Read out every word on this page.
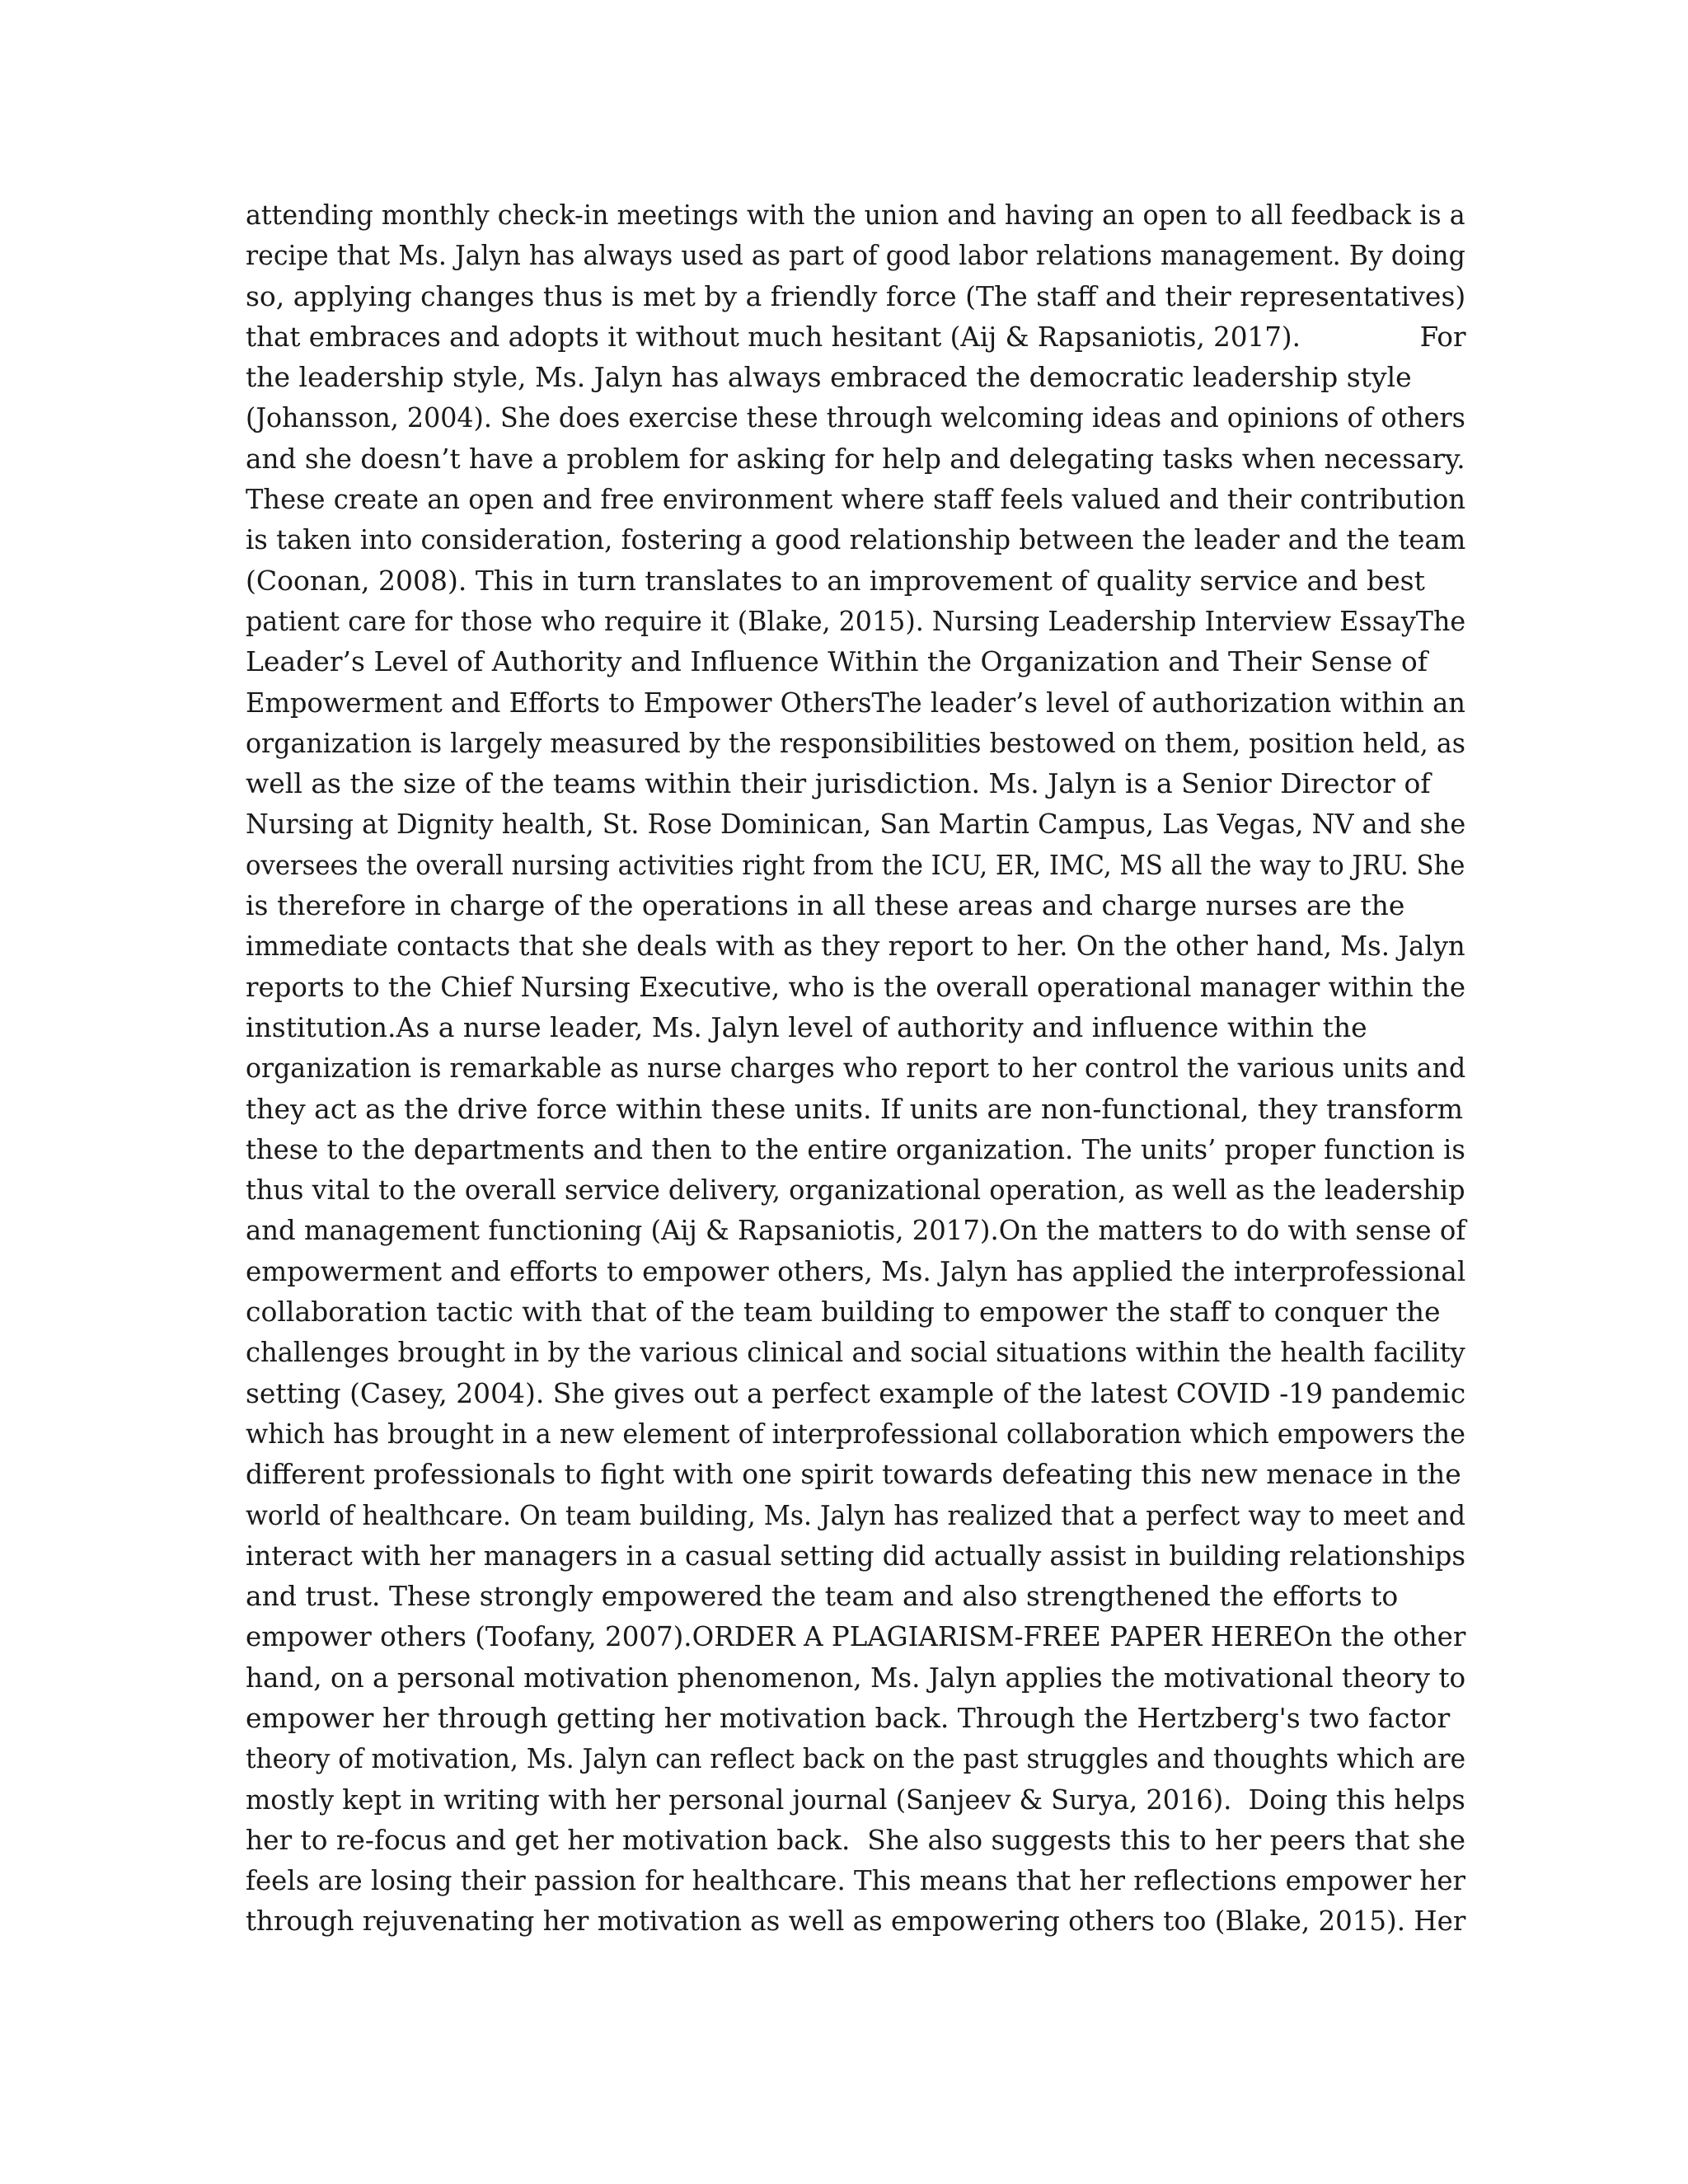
attending monthly check-in meetings with the union and having an open to all feedback is a
recipe that Ms. Jalyn has always used as part of good labor relations management. By doing
so, applying changes thus is met by a friendly force (The staff and their representatives)
that embraces and adopts it without much hesitant (Aij & Rapsaniotis, 2017).              For
the leadership style, Ms. Jalyn has always embraced the democratic leadership style
(Johansson, 2004). She does exercise these through welcoming ideas and opinions of others
and she doesn’t have a problem for asking for help and delegating tasks when necessary.
These create an open and free environment where staff feels valued and their contribution
is taken into consideration, fostering a good relationship between the leader and the team
(Coonan, 2008). This in turn translates to an improvement of quality service and best
patient care for those who require it (Blake, 2015). Nursing Leadership Interview EssayThe
Leader’s Level of Authority and Influence Within the Organization and Their Sense of
Empowerment and Efforts to Empower OthersThe leader’s level of authorization within an
organization is largely measured by the responsibilities bestowed on them, position held, as
well as the size of the teams within their jurisdiction. Ms. Jalyn is a Senior Director of
Nursing at Dignity health, St. Rose Dominican, San Martin Campus, Las Vegas, NV and she
oversees the overall nursing activities right from the ICU, ER, IMC, MS all the way to JRU. She
is therefore in charge of the operations in all these areas and charge nurses are the
immediate contacts that she deals with as they report to her. On the other hand, Ms. Jalyn
reports to the Chief Nursing Executive, who is the overall operational manager within the
institution.As a nurse leader, Ms. Jalyn level of authority and influence within the
organization is remarkable as nurse charges who report to her control the various units and
they act as the drive force within these units. If units are non-functional, they transform
these to the departments and then to the entire organization. The units’ proper function is
thus vital to the overall service delivery, organizational operation, as well as the leadership
and management functioning (Aij & Rapsaniotis, 2017).On the matters to do with sense of
empowerment and efforts to empower others, Ms. Jalyn has applied the interprofessional
collaboration tactic with that of the team building to empower the staff to conquer the
challenges brought in by the various clinical and social situations within the health facility
setting (Casey, 2004). She gives out a perfect example of the latest COVID -19 pandemic
which has brought in a new element of interprofessional collaboration which empowers the
different professionals to fight with one spirit towards defeating this new menace in the
world of healthcare. On team building, Ms. Jalyn has realized that a perfect way to meet and
interact with her managers in a casual setting did actually assist in building relationships
and trust. These strongly empowered the team and also strengthened the efforts to
empower others (Toofany, 2007).ORDER A PLAGIARISM-FREE PAPER HEREOn the other
hand, on a personal motivation phenomenon, Ms. Jalyn applies the motivational theory to
empower her through getting her motivation back. Through the Hertzberg's two factor
theory of motivation, Ms. Jalyn can reflect back on the past struggles and thoughts which are
mostly kept in writing with her personal journal (Sanjeev & Surya, 2016).  Doing this helps
her to re-focus and get her motivation back.  She also suggests this to her peers that she
feels are losing their passion for healthcare. This means that her reflections empower her
through rejuvenating her motivation as well as empowering others too (Blake, 2015). Her
